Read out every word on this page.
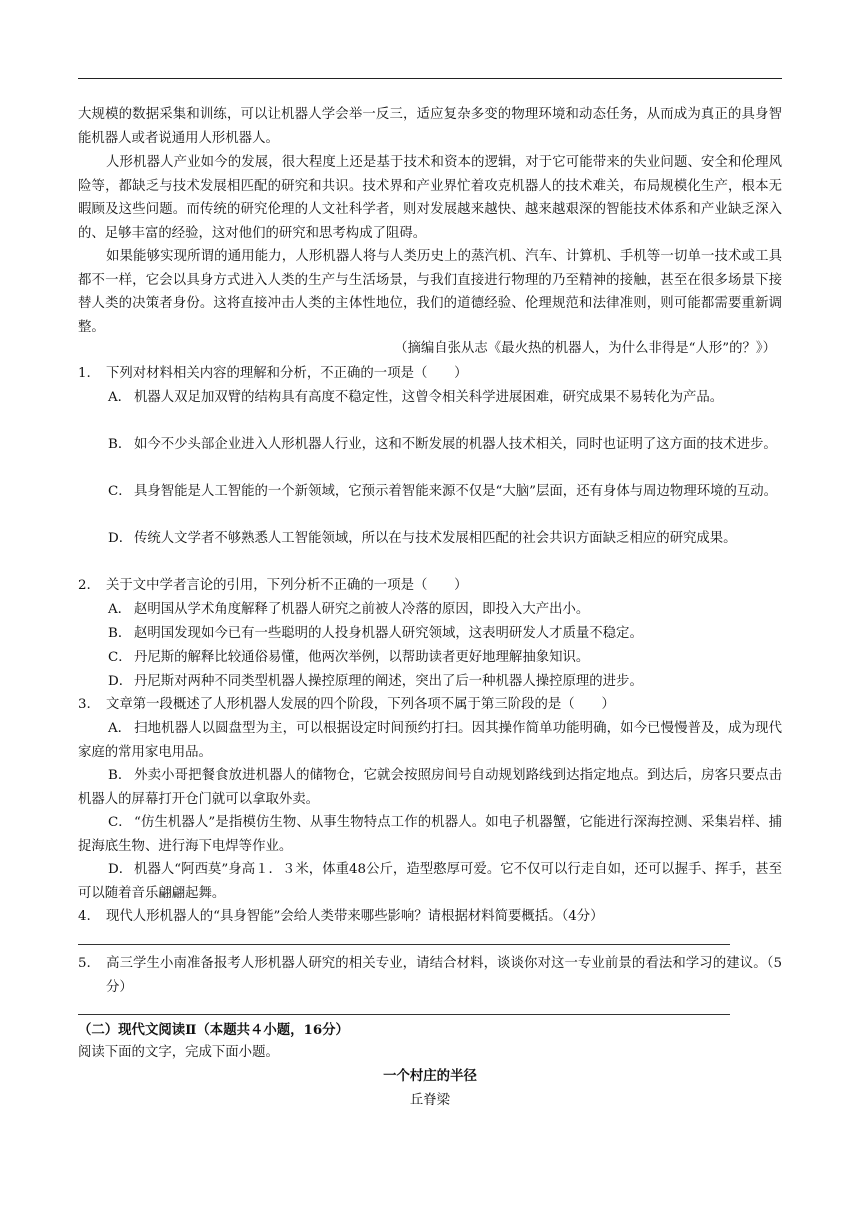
大规模的数据采集和训练，可以让机器人学会举一反三，适应复杂多变的物理环境和动态任务，从而成为真正的具身智能机器人或者说通用人形机器人。

人形机器人产业如今的发展，很大程度上还是基于技术和资本的逻辑，对于它可能带来的失业问题、安全和伦理风险等，都缺乏与技术发展相匹配的研究和共识。技术界和产业界忙着攻克机器人的技术难关，布局规模化生产，根本无暇顾及这些问题。而传统的研究伦理的人文社科学者，则对发展越来越快、越来越艰深的智能技术体系和产业缺乏深入的、足够丰富的经验，这对他们的研究和思考构成了阻碍。

如果能够实现所谓的通用能力，人形机器人将与人类历史上的蒸汽机、汽车、计算机、手机等一切单一技术或工具都不一样，它会以具身方式进入人类的生产与生活场景，与我们直接进行物理的乃至精神的接触，甚至在很多场景下接替人类的决策者身份。这将直接冲击人类的主体性地位，我们的道德经验、伦理规范和法律准则，则可能都需要重新调整。

（摘编自张从志《最火热的机器人，为什么非得是“人形”的？》）

1. 下列对材料相关内容的理解和分析，不正确的一项是（　　）

A． 机器人双足加双臂的结构具有高度不稳定性，这曾令相关科学进展困难，研究成果不易转化为产品。

B． 如今不少头部企业进入人形机器人行业，这和不断发展的机器人技术相关，同时也证明了这方面的技术进步。

C． 具身智能是人工智能的一个新领域，它预示着智能来源不仅是“大脑”层面，还有身体与周边物理环境的互动。

D． 传统人文学者不够熟悉人工智能领域，所以在与技术发展相匹配的社会共识方面缺乏相应的研究成果。

2. 关于文中学者言论的引用，下列分析不正确的一项是（　　）

A． 赵明国从学术角度解释了机器人研究之前被人冷落的原因，即投入大产出小。

B． 赵明国发现如今已有一些聪明的人投身机器人研究领域，这表明研发人才质量不稳定。

C． 丹尼斯的解释比较通俗易懂，他两次举例，以帮助读者更好地理解抽象知识。

D． 丹尼斯对两种不同类型机器人操控原理的阐述，突出了后一种机器人操控原理的进步。

3. 文章第一段概述了人形机器人发展的四个阶段，下列各项不属于第三阶段的是（　　）

A． 扫地机器人以圆盘型为主，可以根据设定时间预约打扫。因其操作简单功能明确，如今已慢慢普及，成为现代家庭的常用家电用品。

B． 外卖小哥把餐食放进机器人的储物仓，它就会按照房间号自动规划路线到达指定地点。到达后，房客只要点击机器人的屏幕打开仓门就可以拿取外卖。

C． “仿生机器人”是指模仿生物、从事生物特点工作的机器人。如电子机器蟹，它能进行深海控测、采集岩样、捕捉海底生物、进行海下电焊等作业。

D． 机器人“阿西莫”身高１．３米，体重48公斤，造型憨厚可爱。它不仅可以行走自如，还可以握手、挥手，甚至可以随着音乐翩翩起舞。

4. 现代人形机器人的“具身智能”会给人类带来哪些影响？请根据材料简要概括。（4分）

5. 高三学生小南准备报考人形机器人研究的相关专业，请结合材料，谈谈你对这一专业前景的看法和学习的建议。（5分）

（二）现代文阅读Ⅱ（本题共４小题，16分）
阅读下面的文字，完成下面小题。
一个村庄的半径
丘脊梁
